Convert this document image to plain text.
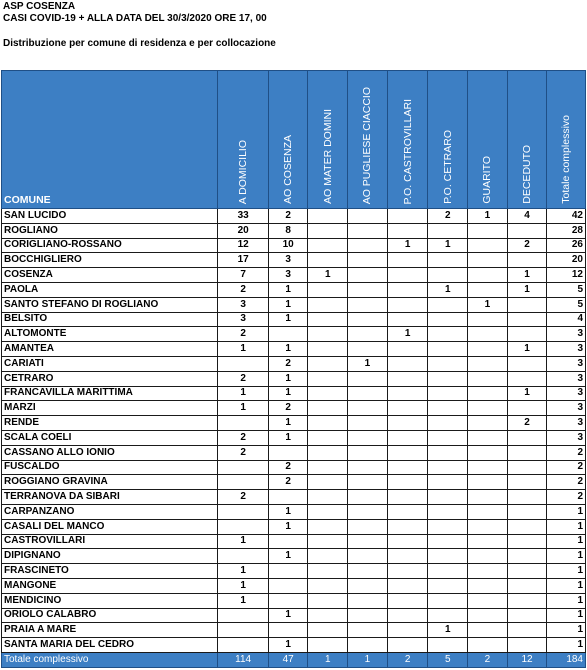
ASP COSENZA
CASI COVID-19 + ALLA DATA DEL 30/3/2020 ORE 17, 00
Distribuzione per comune di residenza e per collocazione
COMUNE	A DOMICILIO	AO COSENZA	AO MATER DOMINI	AO PUGLIESE CIACCIO	P.O. CASTROVILLARI	P.O. CETRARO	GUARITO	DECEDUTO	Totale complessivo

SAN LUCIDO	33	2				2	1	4	42
ROGLIANO	20	8							28
CORIGLIANO-ROSSANO	12	10			1	1		2	26
BOCCHIGLIERO	17	3							20
COSENZA	7	3	1					1	12
PAOLA	2	1				1		1	5
SANTO STEFANO DI ROGLIANO	3	1					1		5
BELSITO	3	1							4
ALTOMONTE	2				1				3
AMANTEA	1	1						1	3
CARIATI		2		1					3
CETRARO	2	1							3
FRANCAVILLA MARITTIMA	1	1						1	3
MARZI	1	2							3
RENDE		1						2	3
SCALA COELI	2	1							3
CASSANO ALLO IONIO	2								2
FUSCALDO		2							2
ROGGIANO GRAVINA		2							2
TERRANOVA DA SIBARI	2								2
CARPANZANO		1							1
CASALI DEL MANCO		1							1
CASTROVILLARI	1								1
DIPIGNANO		1							1
FRASCINETO	1								1
MANGONE	1								1
MENDICINO	1								1
ORIOLO CALABRO		1							1
PRAIA A MARE						1			1
SANTA MARIA DEL CEDRO		1							1
Totale complessivo	114	47	1	1	2	5	2	12	184
